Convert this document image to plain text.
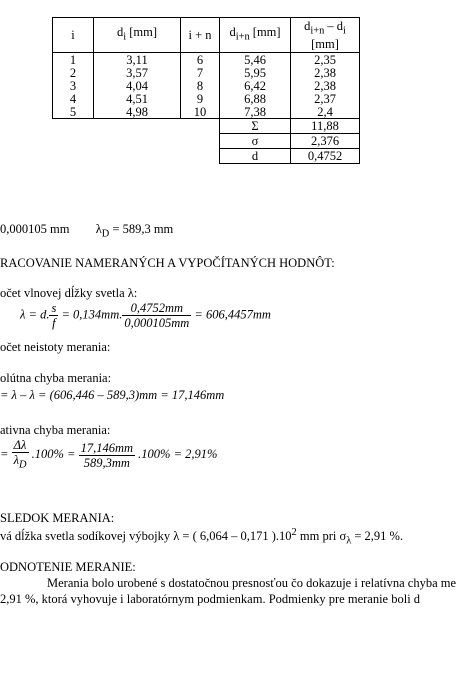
i	$d_i$ [mm]	i + n	$d_{i+n}$ [mm]	$d_{i+n} - d_i$
[mm]

1	3,11	6	5,46	2,35
2	3,57	7	5,95	2,38
3	4,04	8	6,42	2,38
4	4,51	9	6,88	2,37
5	4,98	10	7,38	2,4
			Σ	11,88
			σ	2,376
			d	0,4752
0,000105 mm $\lambda_D = 589,3$ mm
RACOVANIE NAMERANÝCH A VYPOČÍTANÝCH HODNÔT:
očet vlnovej dĺžky svetla λ:
λ = d. $\frac{s}{f} = 0,134mm$. $\frac{0,4752mm}{0,000105mm} = 606,4457mm$
očet neistoty merania:
olútna chyba merania:
= λ – λ = (606,446 – 589,3)mm = 17,146mm
ativna chyba merania:
= $\frac{\Delta\lambda}{\lambda_D} .100\% = \frac{17,146mm}{589,3mm} .100\% = 2,91\%$
SLEDOK MERANIA:
vá dĺžka svetla sodíkovej výbojky λ = ( 6,064 – 0,171 )$.10^2$ mm pri $\sigma_\lambda = 2,91$ %.
ODNOTENIE MERANIE:
Merania bolo urobené s dostatočnou presnosťou čo dokazuje i relatívna chyba me
2,91 %, ktorá vyhovuje i laboratórnym podmienkam. Podmienky pre meranie boli d
